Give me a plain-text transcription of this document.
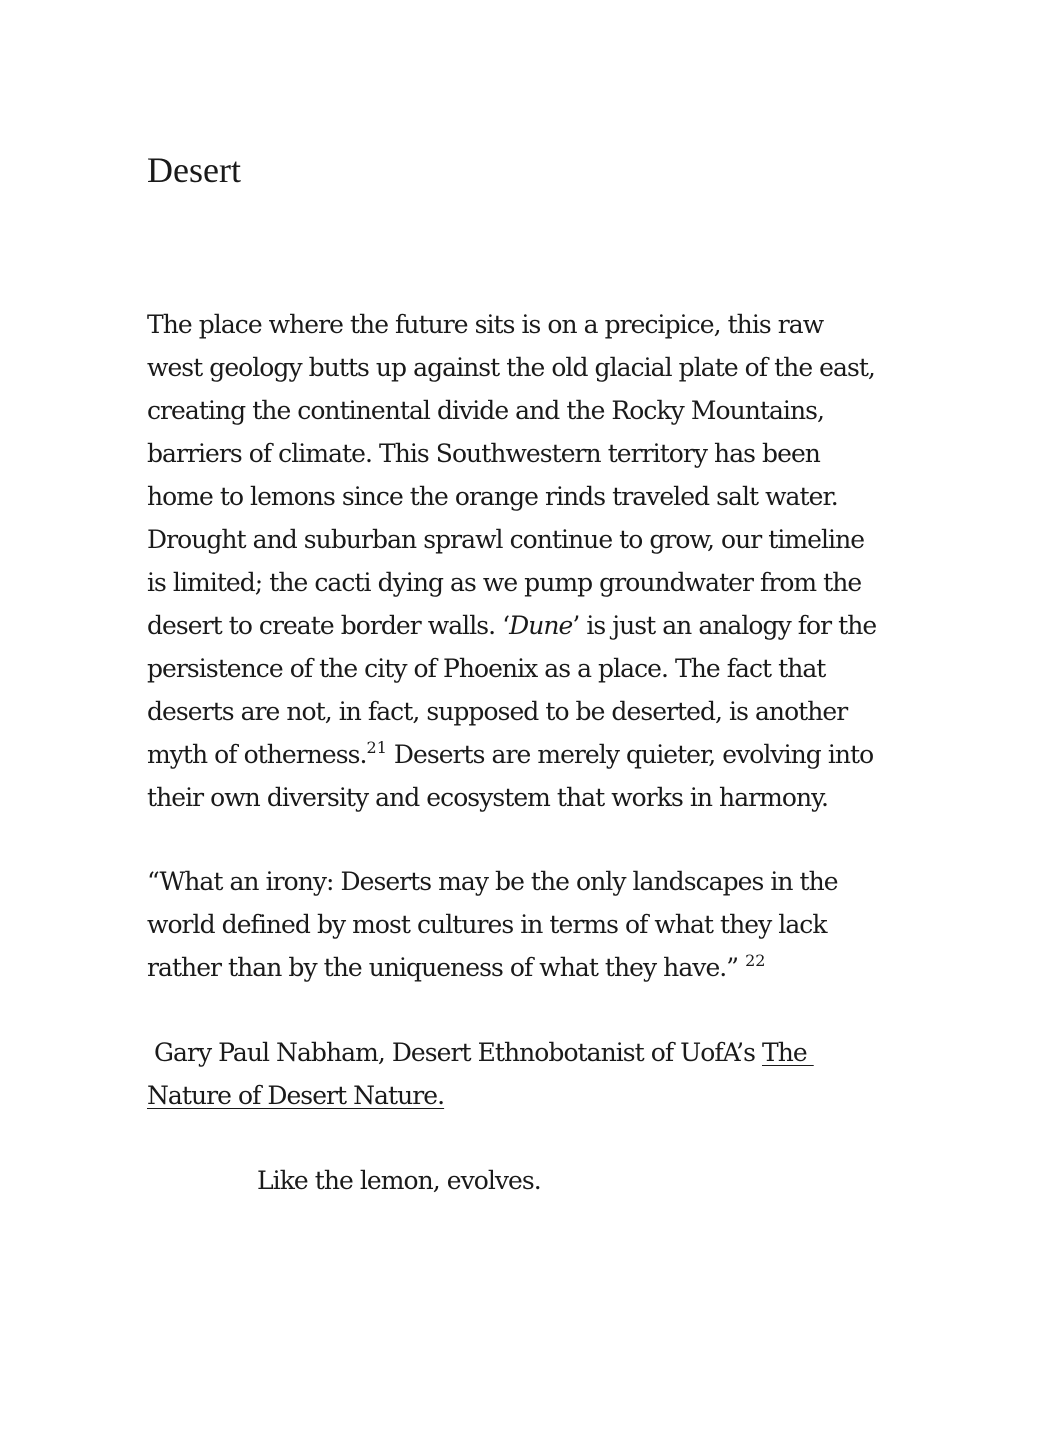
Desert
The place where the future sits is on a precipice, this raw
west geology butts up against the old glacial plate of the east,
creating the continental divide and the Rocky Mountains,
barriers of climate. This Southwestern territory has been
home to lemons since the orange rinds traveled salt water.
Drought and suburban sprawl continue to grow, our timeline
is limited; the cacti dying as we pump groundwater from the
desert to create border walls. ‘Dune’ is just an analogy for the
persistence of the city of Phoenix as a place. The fact that
deserts are not, in fact, supposed to be deserted, is another
myth of otherness.$^{21}$ Deserts are merely quieter, evolving into
their own diversity and ecosystem that works in harmony.
“What an irony: Deserts may be the only landscapes in the
world defined by most cultures in terms of what they lack
rather than by the uniqueness of what they have.” $^{22}$
Gary Paul Nabham, Desert Ethnobotanist of UofA’s The
Nature of Desert Nature.
Like the lemon, evolves.
